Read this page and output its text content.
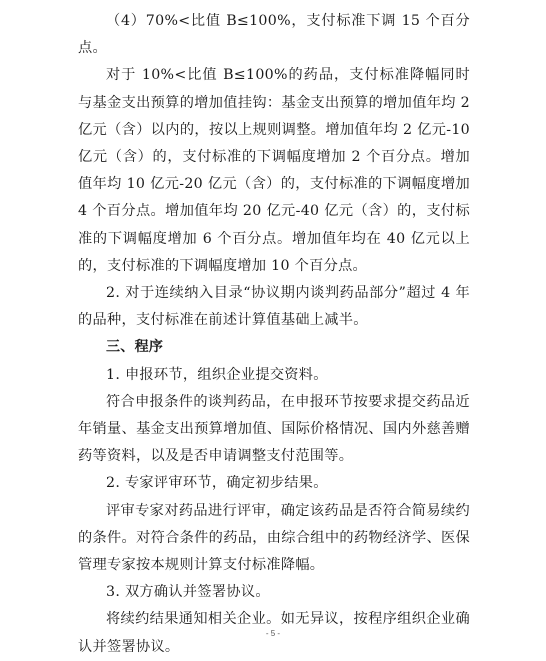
（4）70%<比值 B≤100%，支付标准下调 15 个百分点。

对于 10%<比值 B≤100%的药品，支付标准降幅同时与基金支出预算的增加值挂钩：基金支出预算的增加值年均 2 亿元（含）以内的，按以上规则调整。增加值年均 2 亿元-10 亿元（含）的，支付标准的下调幅度增加 2 个百分点。增加值年均 10 亿元-20 亿元（含）的，支付标准的下调幅度增加 4 个百分点。增加值年均 20 亿元-40 亿元（含）的，支付标准的下调幅度增加 6 个百分点。增加值年均在 40 亿元以上的，支付标准的下调幅度增加 10 个百分点。

2. 对于连续纳入目录“协议期内谈判药品部分”超过 4 年的品种，支付标准在前述计算值基础上减半。

三、程序

1. 申报环节，组织企业提交资料。

符合申报条件的谈判药品，在申报环节按要求提交药品近年销量、基金支出预算增加值、国际价格情况、国内外慈善赠药等资料，以及是否申请调整支付范围等。

2. 专家评审环节，确定初步结果。

评审专家对药品进行评审，确定该药品是否符合简易续约的条件。对符合条件的药品，由综合组中的药物经济学、医保管理专家按本规则计算支付标准降幅。

3. 双方确认并签署协议。

将续约结果通知相关企业。如无异议，按程序组织企业确认并签署协议。

- 5 -
